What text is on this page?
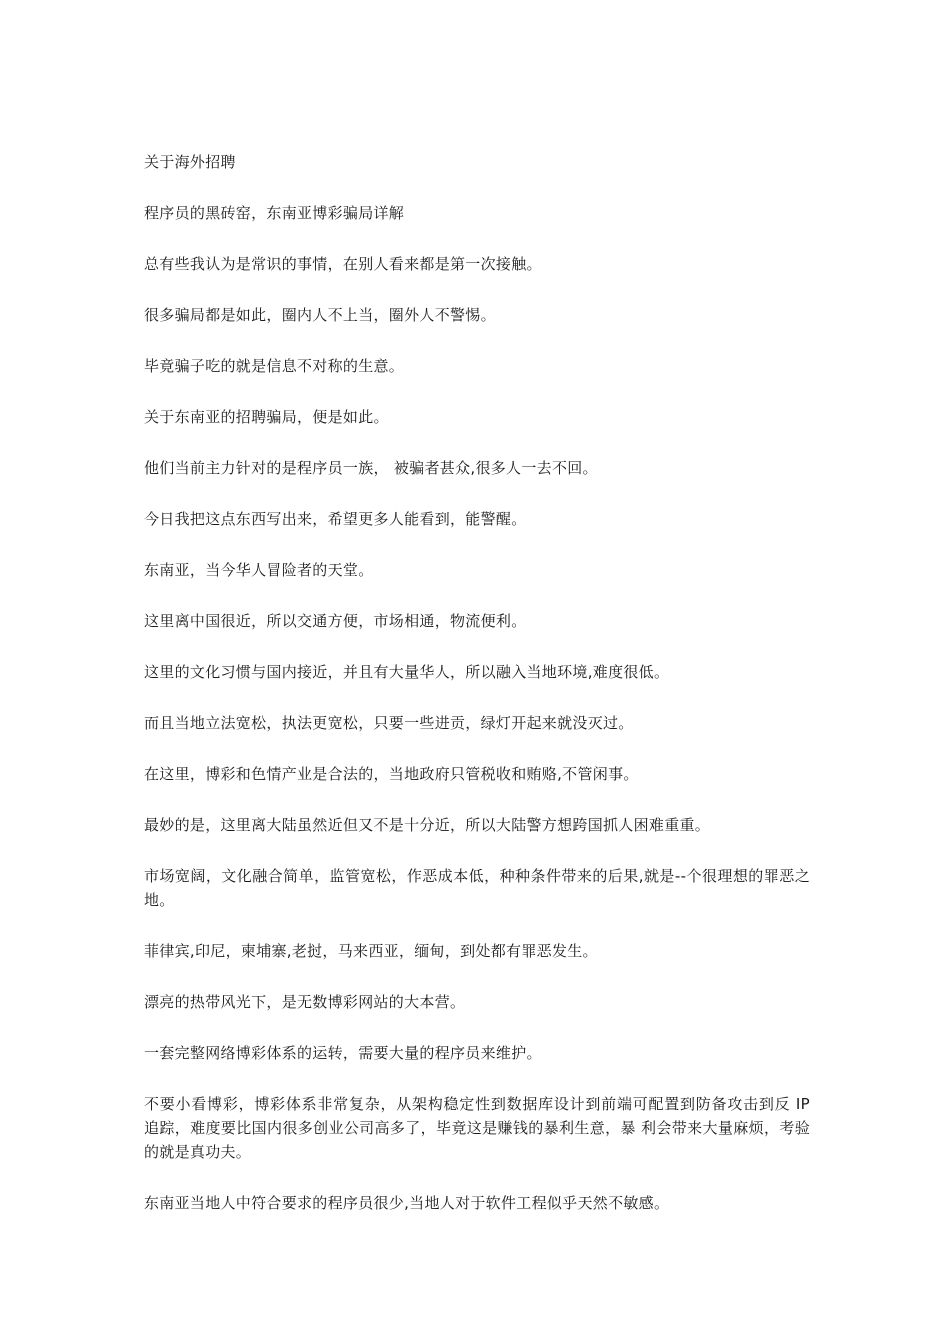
关于海外招聘

程序员的黑砖窑，东南亚博彩骗局详解

总有些我认为是常识的事情，在别人看来都是第一次接触。

很多骗局都是如此，圈内人不上当，圈外人不警惕。

毕竟骗子吃的就是信息不对称的生意。

关于东南亚的招聘骗局，便是如此。

他们当前主力针对的是程序员一族， 被骗者甚众,很多人一去不回。

今日我把这点东西写出来，希望更多人能看到，能警醒。

东南亚，当今华人冒险者的天堂。

这里离中国很近，所以交通方便，市场相通，物流便利。

这里的文化习惯与国内接近，并且有大量华人，所以融入当地环境,难度很低。

而且当地立法宽松，执法更宽松，只要一些进贡，绿灯开起来就没灭过。

在这里，博彩和色情产业是合法的，当地政府只管税收和贿赂,不管闲事。

最妙的是，这里离大陆虽然近但又不是十分近，所以大陆警方想跨国抓人困难重重。

市场宽阔，文化融合简单，监管宽松，作恶成本低，种种条件带来的后果,就是--个很理想的罪恶之地。

菲律宾,印尼，柬埔寨,老挝，马来西亚，缅甸，到处都有罪恶发生。

漂亮的热带风光下，是无数博彩网站的大本营。

一套完整网络博彩体系的运转，需要大量的程序员来维护。

不要小看博彩，博彩体系非常复杂，从架构稳定性到数据库设计到前端可配置到防备攻击到反 IP 追踪，难度要比国内很多创业公司高多了，毕竟这是赚钱的暴利生意，暴 利会带来大量麻烦，考验的就是真功夫。

东南亚当地人中符合要求的程序员很少,当地人对于软件工程似乎天然不敏感。
